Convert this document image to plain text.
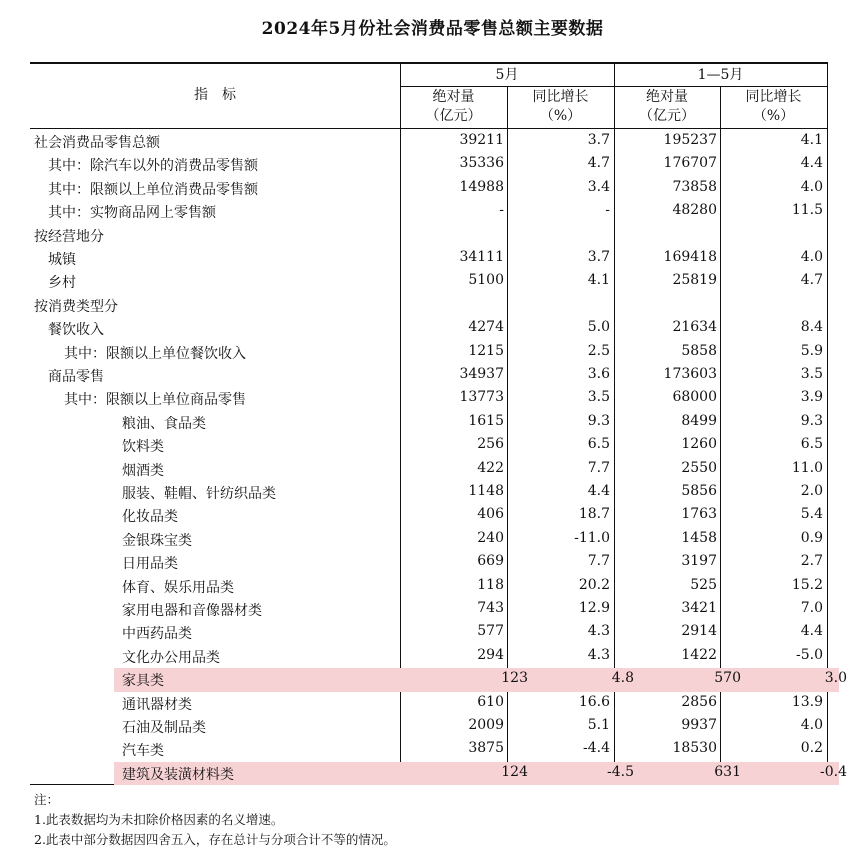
2024年5月份社会消费品零售总额主要数据
指　标
5月	1—5月
绝对量
（亿元）
同比增长
（%）
绝对量
（亿元）
同比增长
（%）
社会消费品零售总额	39211	3.7	195237	4.1
其中：除汽车以外的消费品零售额	35336	4.7	176707	4.4
其中：限额以上单位消费品零售额	14988	3.4	73858	4.0
其中：实物商品网上零售额	-	-	48280	11.5
按经营地分
城镇	34111	3.7	169418	4.0
乡村	5100	4.1	25819	4.7
按消费类型分
餐饮收入	4274	5.0	21634	8.4
其中：限额以上单位餐饮收入	1215	2.5	5858	5.9
商品零售	34937	3.6	173603	3.5
其中：限额以上单位商品零售	13773	3.5	68000	3.9
粮油、食品类	1615	9.3	8499	9.3
饮料类	256	6.5	1260	6.5
烟酒类	422	7.7	2550	11.0
服装、鞋帽、针纺织品类	1148	4.4	5856	2.0
化妆品类	406	18.7	1763	5.4
金银珠宝类	240	-11.0	1458	0.9
日用品类	669	7.7	3197	2.7
体育、娱乐用品类	118	20.2	525	15.2
家用电器和音像器材类	743	12.9	3421	7.0
中西药品类	577	4.3	2914	4.4
文化办公用品类	294	4.3	1422	-5.0
家具类	123	4.8	570	3.0
通讯器材类	610	16.6	2856	13.9
石油及制品类	2009	5.1	9937	4.0
汽车类	3875	-4.4	18530	0.2
建筑及装潢材料类	124	-4.5	631	-0.4
注：
1.此表数据均为未扣除价格因素的名义增速。
2.此表中部分数据因四舍五入，存在总计与分项合计不等的情况。
